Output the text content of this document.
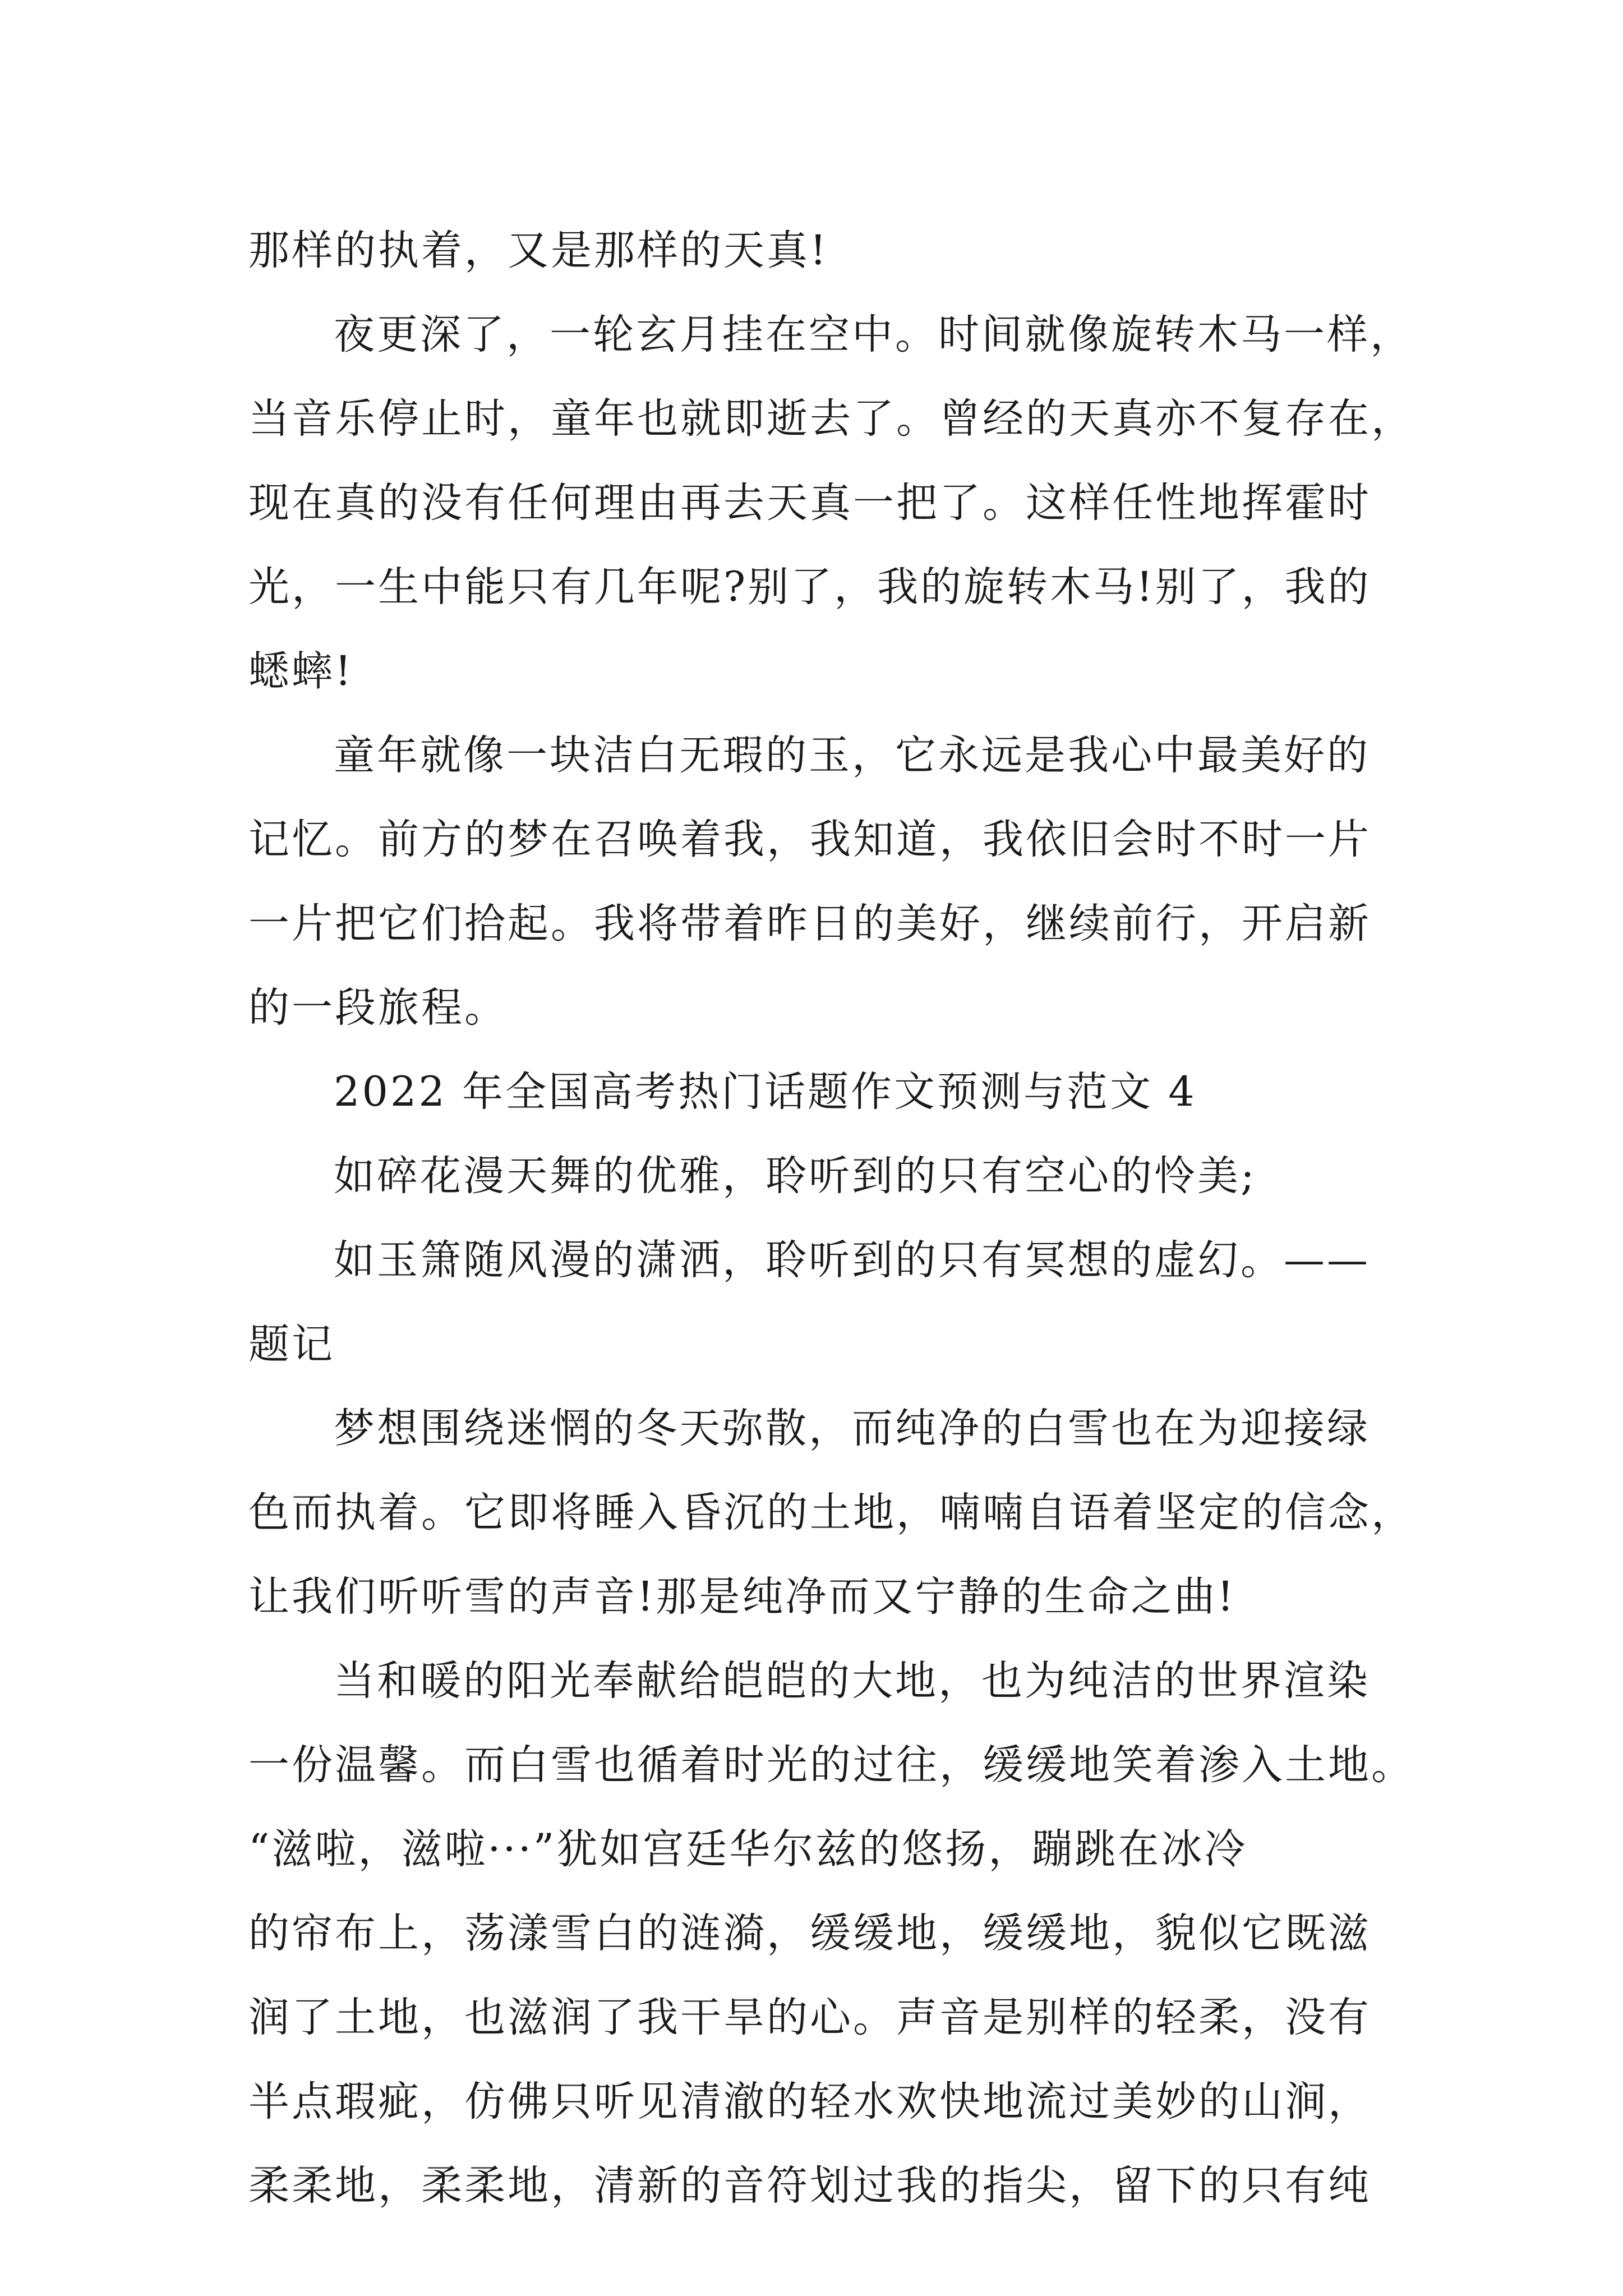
那样的执着，又是那样的天真!
夜更深了，一轮玄月挂在空中。时间就像旋转木马一样，
当音乐停止时，童年也就即逝去了。曾经的天真亦不复存在，
现在真的没有任何理由再去天真一把了。这样任性地挥霍时
光，一生中能只有几年呢?别了，我的旋转木马!别了，我的
蟋蟀!
童年就像一块洁白无瑕的玉，它永远是我心中最美好的
记忆。前方的梦在召唤着我，我知道，我依旧会时不时一片
一片把它们拾起。我将带着昨日的美好，继续前行，开启新
的一段旅程。
2022 年全国高考热门话题作文预测与范文 4
如碎花漫天舞的优雅，聆听到的只有空心的怜美;
如玉箫随风漫的潇洒，聆听到的只有冥想的虚幻。——
题记
梦想围绕迷惘的冬天弥散，而纯净的白雪也在为迎接绿
色而执着。它即将睡入昏沉的土地，喃喃自语着坚定的信念，
让我们听听雪的声音!那是纯净而又宁静的生命之曲!
当和暖的阳光奉献给皑皑的大地，也为纯洁的世界渲染
一份温馨。而白雪也循着时光的过往，缓缓地笑着渗入土地。
“滋啦，滋啦···”犹如宫廷华尔兹的悠扬，蹦跳在冰冷
的帘布上，荡漾雪白的涟漪，缓缓地，缓缓地，貌似它既滋
润了土地，也滋润了我干旱的心。声音是别样的轻柔，没有
半点瑕疵，仿佛只听见清澈的轻水欢快地流过美妙的山涧，
柔柔地，柔柔地，清新的音符划过我的指尖，留下的只有纯
